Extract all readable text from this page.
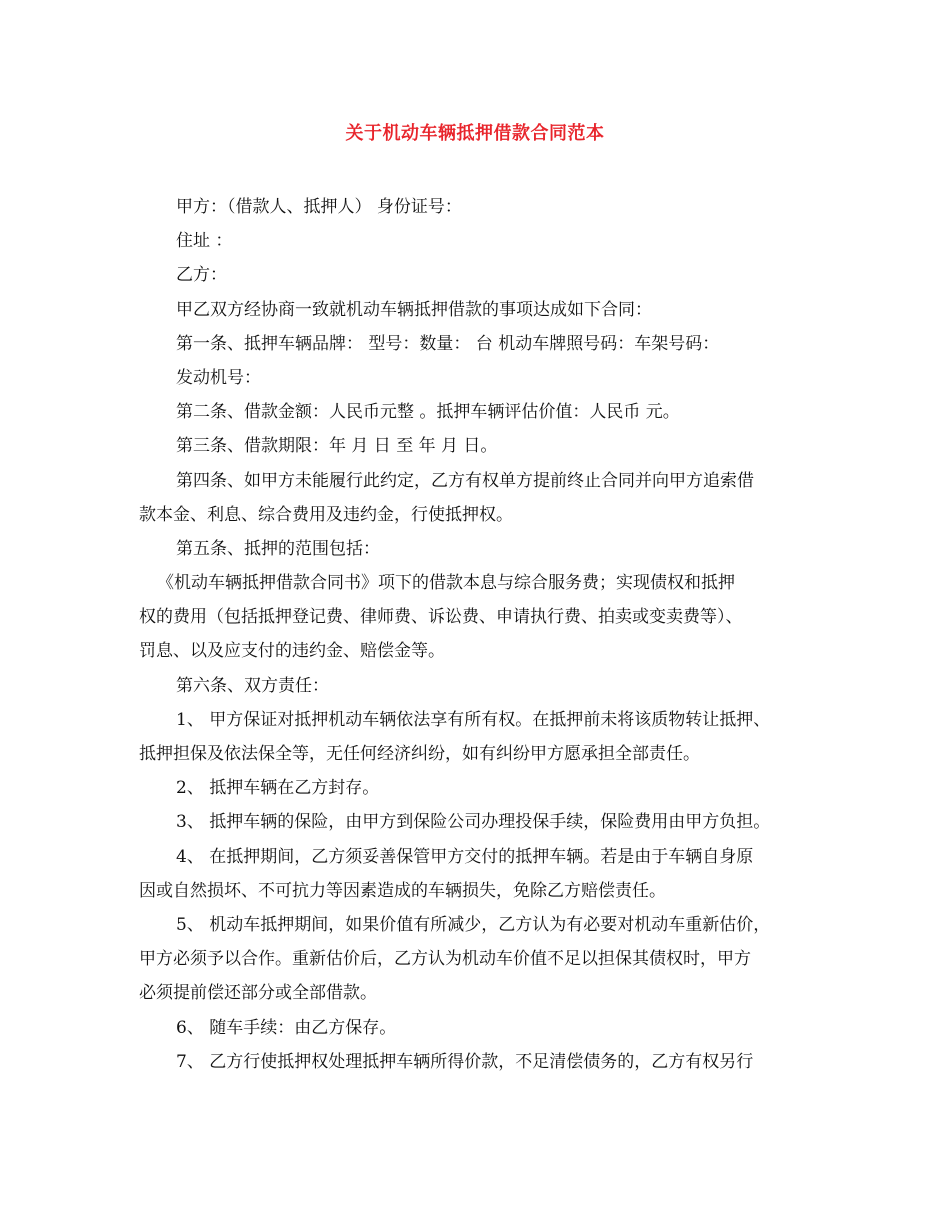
关于机动车辆抵押借款合同范本
甲方：（借款人、抵押人） 身份证号：
住址 ：
乙方：
甲乙双方经协商一致就机动车辆抵押借款的事项达成如下合同：
第一条、抵押车辆品牌： 型号：数量： 台 机动车牌照号码：车架号码：
发动机号：
第二条、借款金额：人民币元整 。抵押车辆评估价值：人民币 元。
第三条、借款期限：年 月 日 至 年 月 日。
第四条、如甲方未能履行此约定，乙方有权单方提前终止合同并向甲方追索借
款本金、利息、综合费用及违约金，行使抵押权。
第五条、抵押的范围包括：
《机动车辆抵押借款合同书》项下的借款本息与综合服务费；实现债权和抵押
权的费用（包括抵押登记费、律师费、诉讼费、申请执行费、拍卖或变卖费等）、
罚息、以及应支付的违约金、赔偿金等。
第六条、双方责任：
1、 甲方保证对抵押机动车辆依法享有所有权。在抵押前未将该质物转让抵押、
抵押担保及依法保全等，无任何经济纠纷，如有纠纷甲方愿承担全部责任。
2、 抵押车辆在乙方封存。
3、 抵押车辆的保险，由甲方到保险公司办理投保手续，保险费用由甲方负担。
4、 在抵押期间，乙方须妥善保管甲方交付的抵押车辆。若是由于车辆自身原
因或自然损坏、不可抗力等因素造成的车辆损失，免除乙方赔偿责任。
5、 机动车抵押期间，如果价值有所减少，乙方认为有必要对机动车重新估价，
甲方必须予以合作。重新估价后，乙方认为机动车价值不足以担保其债权时，甲方
必须提前偿还部分或全部借款。
6、 随车手续：由乙方保存。
7、 乙方行使抵押权处理抵押车辆所得价款，不足清偿债务的，乙方有权另行
